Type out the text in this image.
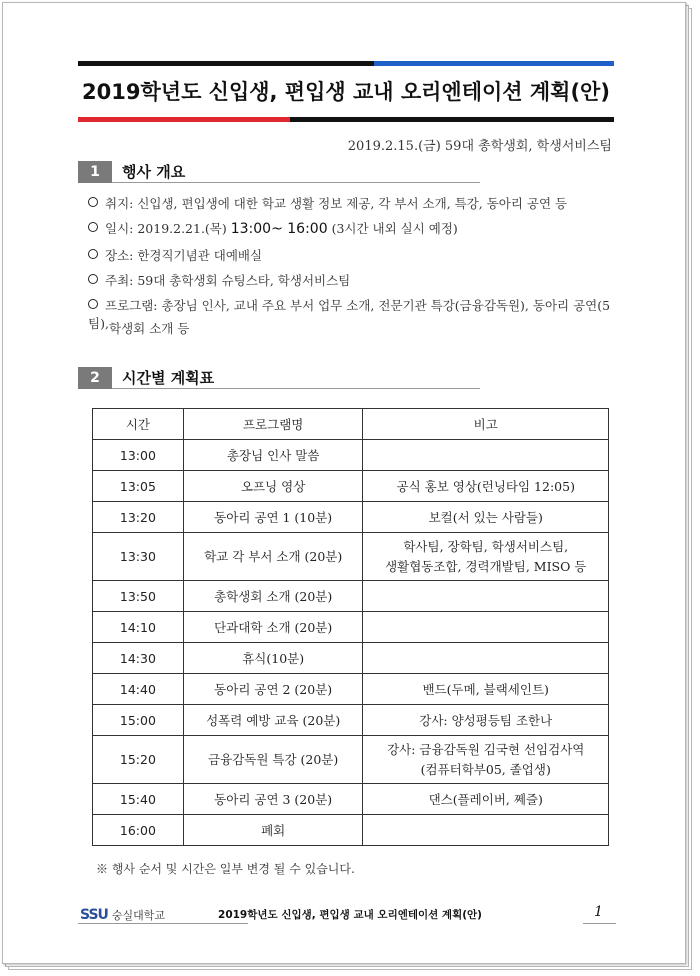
2019학년도 신입생, 편입생 교내 오리엔테이션 계획(안)
2019.2.15.(금) 59대 총학생회, 학생서비스팀
1	행사 개요
취지: 신입생, 편입생에 대한 학교 생활 정보 제공, 각 부서 소개, 특강, 동아리 공연 등
일시: 2019.2.21.(목) 13:00~ 16:00 (3시간 내외 실시 예정)
장소: 한경직기념관 대예배실
주최: 59대 총학생회 슈팅스타, 학생서비스팀
프로그램: 총장님 인사, 교내 주요 부서 업무 소개, 전문기관 특강(금융감독원), 동아리 공연(5팀), 학생회 소개 등
2	시간별 계획표
시간	프로그램명	비고
13:00	총장님 인사 말씀	
13:05	오프닝 영상	공식 홍보 영상(런닝타임 12:05)
13:20	동아리 공연 1 (10분)	보컬(서 있는 사람들)
13:30	학교 각 부서 소개 (20분)	학사팀, 장학팀, 학생서비스팀,
생활협동조합, 경력개발팀, MISO 등

13:50	총학생회 소개 (20분)	
14:10	단과대학 소개 (20분)	
14:30	휴식(10분)	
14:40	동아리 공연 2 (20분)	밴드(두메, 블랙세인트)
15:00	성폭력 예방 교육 (20분)	강사: 양성평등팀 조한나
15:20	금융감독원 특강 (20분)	강사: 금융감독원 김국현 선임검사역
(컴퓨터학부05, 졸업생)

15:40	동아리 공연 3 (20분)	댄스(플레이버, 쩨즐)
16:00	폐회	
※ 행사 순서 및 시간은 일부 변경 될 수 있습니다.
SSU 숭실대학교	2019학년도 신입생, 편입생 교내 오리엔테이션 계획(안)	1
